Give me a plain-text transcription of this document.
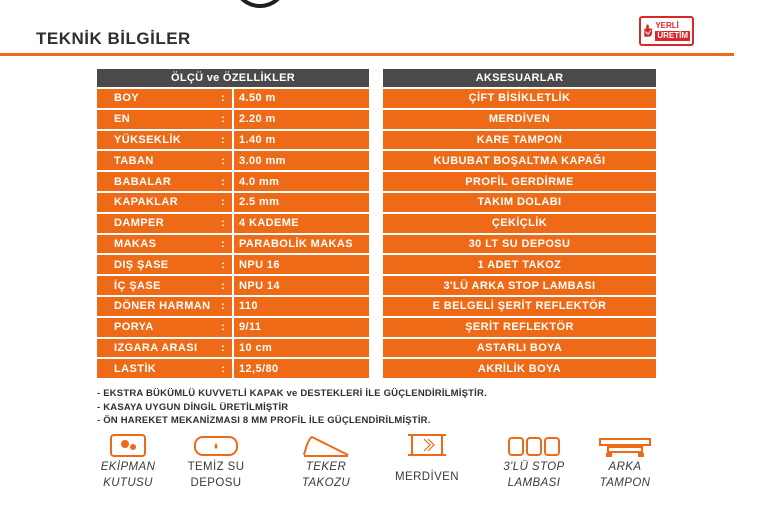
TEKNİK BİLGİLER
YERLİ
ÜRETİM
ÖLÇÜ ve ÖZELLİKLER
BOY	:	4.50 m
EN	:	2.20 m
YÜKSEKLİK	:	1.40 m
TABAN	:	3.00 mm
BABALAR	:	4.0 mm
KAPAKLAR	:	2.5 mm
DAMPER	:	4 KADEME
MAKAS	:	PARABOLİK MAKAS
DIŞ ŞASE	:	NPU 16
İÇ ŞASE	:	NPU 14
DÖNER HARMAN :	110
PORYA	:	9/11
IZGARA ARASI :	10 cm
LASTİK	:	12,5/80
AKSESUARLAR
ÇİFT BİSİKLETLİK
MERDİVEN
KARE TAMPON
KUBUBAT BOŞALTMA KAPAĞI
PROFİL GERDİRME
TAKIM DOLABI
ÇEKİÇLİK
30 LT SU DEPOSU
1 ADET TAKOZ
3'LÜ ARKA STOP LAMBASI
E BELGELİ ŞERİT REFLEKTÖR
ŞERİT REFLEKTÖR
ASTARLI BOYA
AKRİLİK BOYA
- EKSTRA BÜKÜMLÜ KUVVETLİ KAPAK ve DESTEKLERİ İLE GÜÇLENDİRİLMİŞTİR.
- KASAYA UYGUN DİNGİL ÜRETİLMİŞTİR
- ÖN HAREKET MEKANİZMASI 8 MM PROFİL İLE GÜÇLENDİRİLMİŞTİR.
EKİPMAN
KUTUSU
TEMİZ SU
DEPOSU
TEKER
TAKOZU	MERDİVEN
3'LÜ STOP
LAMBASI
ARKA
TAMPON
